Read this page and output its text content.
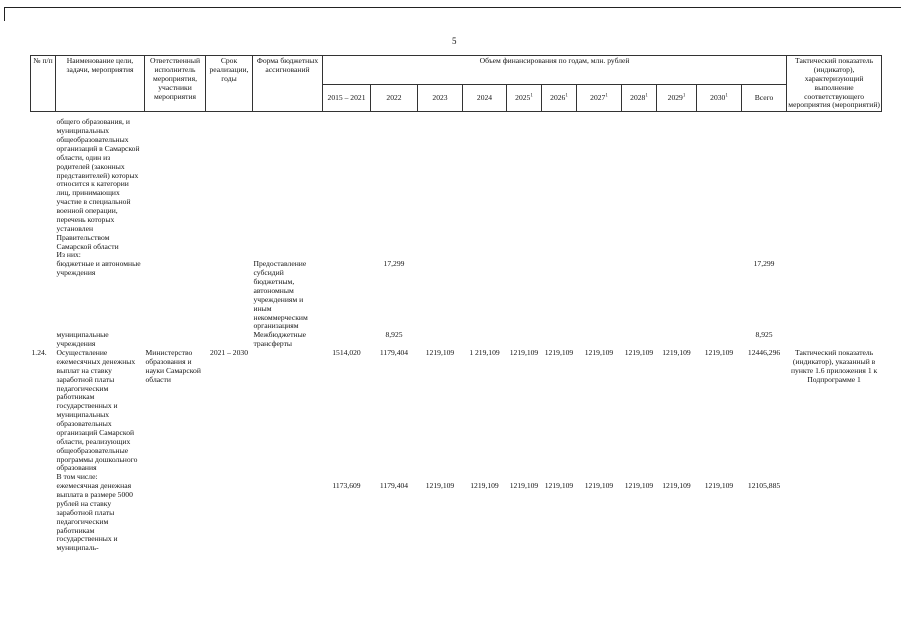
5
№ п/п	Наименование цели, задачи, мероприятия	Ответственный исполнитель мероприятия, участники мероприятия	Срок реализации, годы	Форма бюджетных ассигнований	Объем финансирования по годам, млн. рублей											Тактический показатель (индикатор), характеризующий выполнение соответствующего мероприятия (мероприятий)
					2015 – 2021	2022	2023	2024	2025$^1$	2026$^1$	2027$^1$	2028$^1$	2029$^1$	2030$^1$	Всего	

	общего образования, и муниципальных общеобразовательных организаций в Самарской области, один из родителей (законных представителей) которых относится к категории лиц, принимающих участие в специальной военной операции, перечень которых установлен Правительством Самарской области															
	Из них:															
	бюджетные и автономные учреждения			Предоставление субсидий бюджетным, автономным учреждениям и иным некоммерческим организациям		17,299									17,299	
	муниципальные учреждения			Межбюджетные трансферты		8,925									8,925	
1.24.	Осуществление ежемесячных денежных выплат на ставку заработной платы педагогическим работникам государственных и муниципальных образовательных организаций Самарской области, реализующих общеобразовательные программы дошкольного образования	Министерство образования и науки Самарской области	2021 – 2030		1514,020	1179,404	1219,109	1 219,109	1219,109	1219,109	1219,109	1219,109	1219,109	1219,109	12446,296	Тактический показатель (индикатор), указанный в пункте 1.6 приложения 1 к Подпрограмме 1
	В том числе:															
	ежемесячная денежная выплата в размере 5000 рублей на ставку заработной платы педагогическим работникам государственных и муниципаль-				1173,609	1179,404	1219,109	1219,109	1219,109	1219,109	1219,109	1219,109	1219,109	1219,109	12105,885	
